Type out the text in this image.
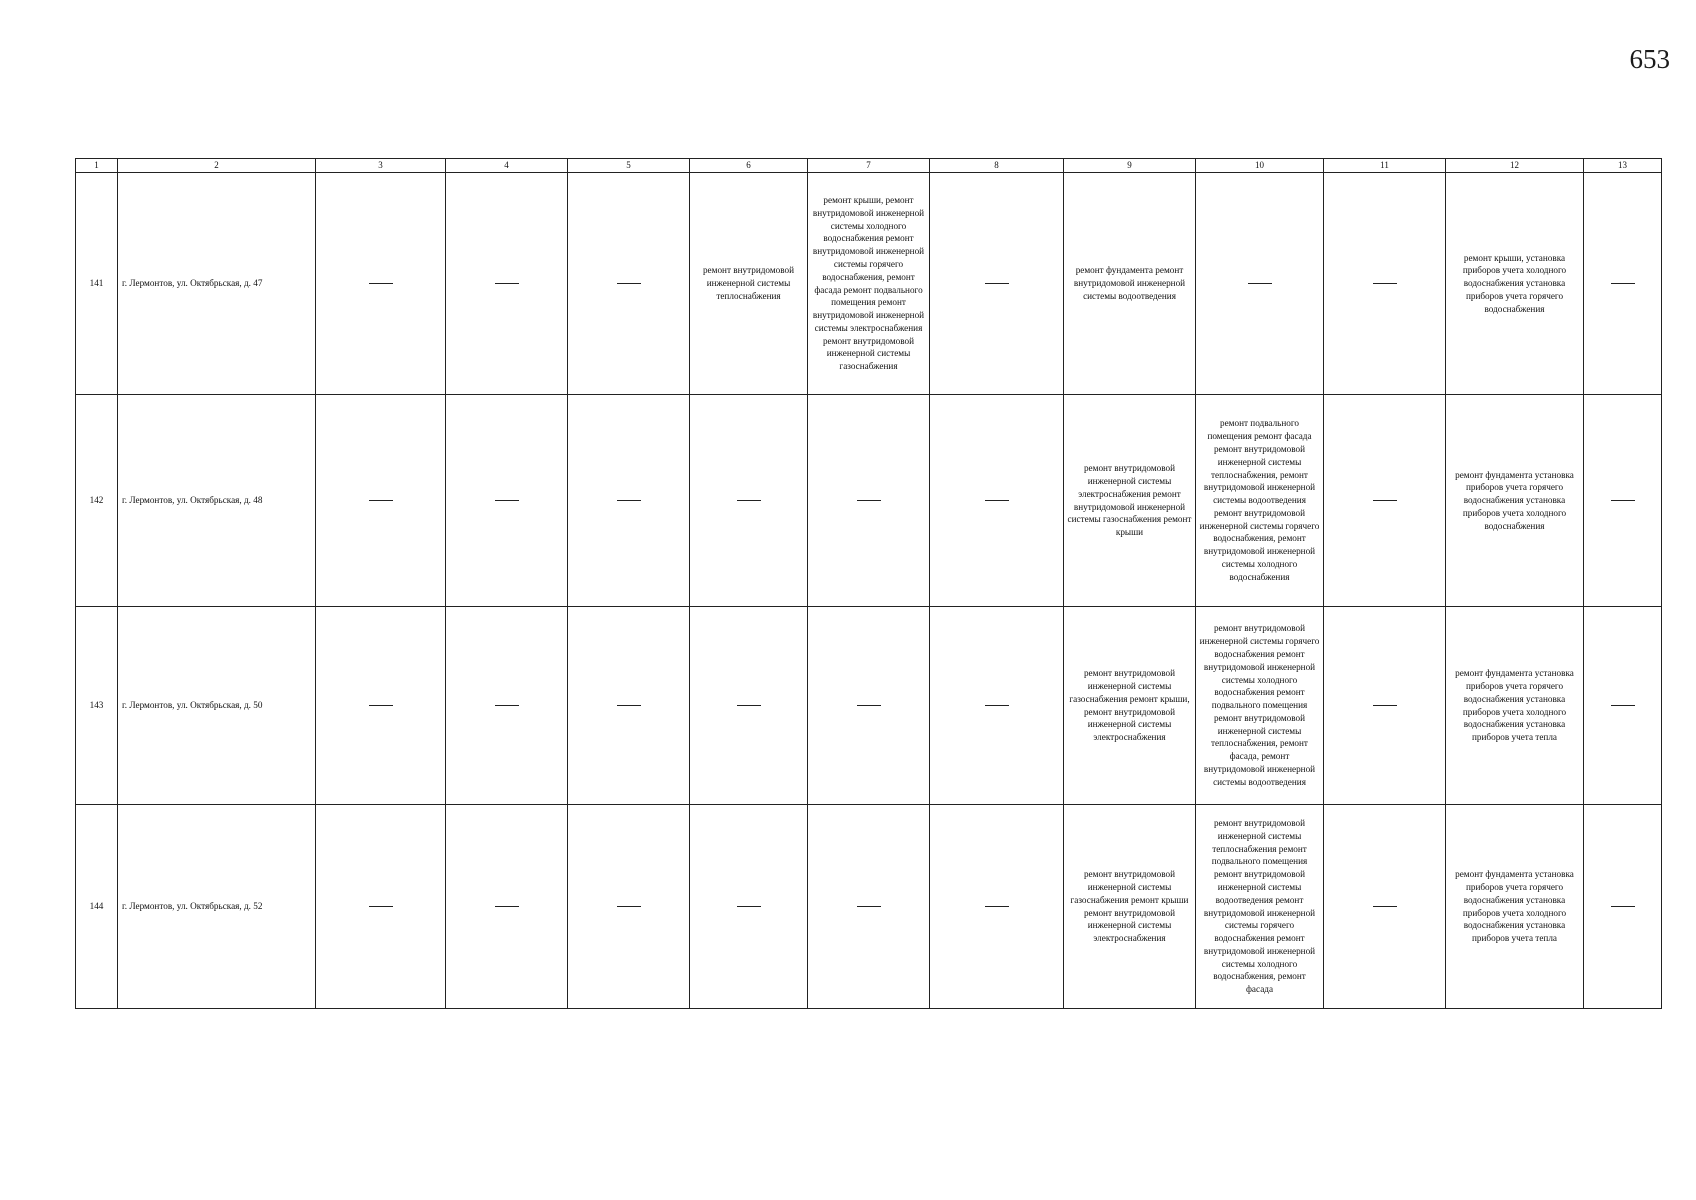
653
1	2	3	4	5	6	7	8	9	10	11	12	13
141	г. Лермонтов, ул. Октябрьская, д. 47				ремонт внутридомовой инженерной системы теплоснабжения	ремонт крыши, ремонт внутридомовой инженерной системы холодного водоснабжения ремонт внутридомовой инженерной системы горячего водоснабжения, ремонт фасада ремонт подвального помещения ремонт внутридомовой инженерной системы электроснабжения ремонт внутридомовой инженерной системы газоснабжения		ремонт фундамента ремонт внутридомовой инженерной системы водоотведения			ремонт крыши, установка приборов учета холодного водоснабжения установка приборов учета горячего водоснабжения	

142	г. Лермонтов, ул. Октябрьская, д. 48							ремонт внутридомовой инженерной системы электроснабжения ремонт внутридомовой инженерной системы газоснабжения ремонт крыши	ремонт подвального помещения ремонт фасада ремонт внутридомовой инженерной системы теплоснабжения, ремонт внутридомовой инженерной системы водоотведения ремонт внутридомовой инженерной системы горячего водоснабжения, ремонт внутридомовой инженерной системы холодного водоснабжения		ремонт фундамента установка приборов учета горячего водоснабжения установка приборов учета холодного водоснабжения	

143	г. Лермонтов, ул. Октябрьская, д. 50							ремонт внутридомовой инженерной системы газоснабжения ремонт крыши, ремонт внутридомовой инженерной системы электроснабжения	ремонт внутридомовой инженерной системы горячего водоснабжения ремонт внутридомовой инженерной системы холодного водоснабжения ремонт подвального помещения ремонт внутридомовой инженерной системы теплоснабжения, ремонт фасада, ремонт внутридомовой инженерной системы водоотведения		ремонт фундамента установка приборов учета горячего водоснабжения установка приборов учета холодного водоснабжения установка приборов учета тепла	

144	г. Лермонтов, ул. Октябрьская, д. 52							ремонт внутридомовой инженерной системы газоснабжения ремонт крыши ремонт внутридомовой инженерной системы электроснабжения	ремонт внутридомовой инженерной системы теплоснабжения ремонт подвального помещения ремонт внутридомовой инженерной системы водоотведения ремонт внутридомовой инженерной системы горячего водоснабжения ремонт внутридомовой инженерной системы холодного водоснабжения, ремонт фасада		ремонт фундамента установка приборов учета горячего водоснабжения установка приборов учета холодного водоснабжения установка приборов учета тепла	
